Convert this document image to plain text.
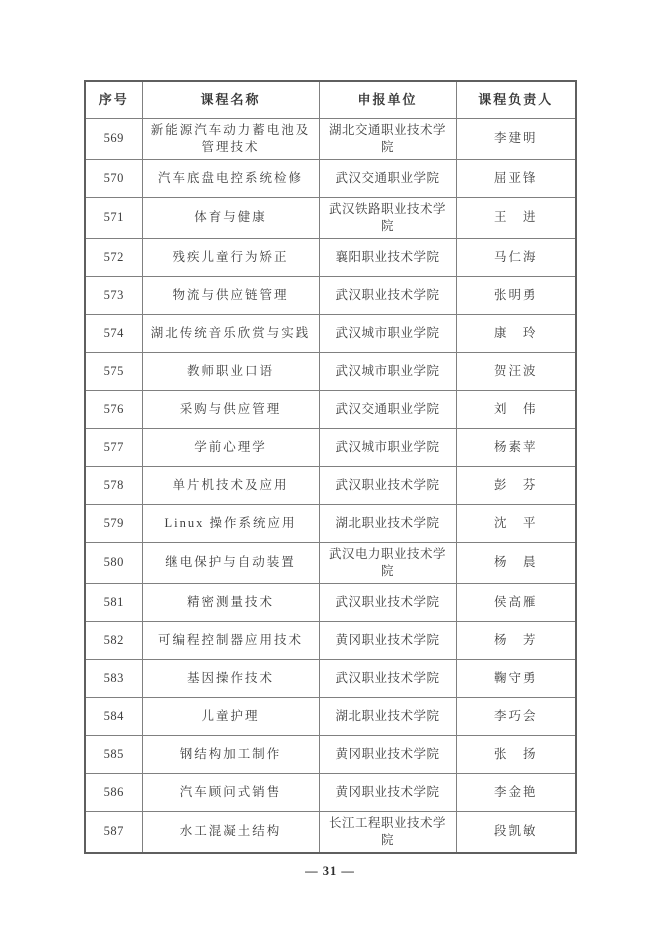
序号	课程名称	申报单位	课程负责人
569	新能源汽车动力蓄电池及管理技术	湖北交通职业技术学院	李建明
570	汽车底盘电控系统检修	武汉交通职业学院	屈亚锋
571	体育与健康	武汉铁路职业技术学院	王　进
572	残疾儿童行为矫正	襄阳职业技术学院	马仁海
573	物流与供应链管理	武汉职业技术学院	张明勇
574	湖北传统音乐欣赏与实践	武汉城市职业学院	康　玲
575	教师职业口语	武汉城市职业学院	贺汪波
576	采购与供应管理	武汉交通职业学院	刘　伟
577	学前心理学	武汉城市职业学院	杨素苹
578	单片机技术及应用	武汉职业技术学院	彭　芬
579	Linux 操作系统应用	湖北职业技术学院	沈　平
580	继电保护与自动装置	武汉电力职业技术学院	杨　晨
581	精密测量技术	武汉职业技术学院	侯高雁
582	可编程控制器应用技术	黄冈职业技术学院	杨　芳
583	基因操作技术	武汉职业技术学院	鞠守勇
584	儿童护理	湖北职业技术学院	李巧会
585	钢结构加工制作	黄冈职业技术学院	张　扬
586	汽车顾问式销售	黄冈职业技术学院	李金艳
587	水工混凝土结构	长江工程职业技术学院	段凯敏
— 31 —
